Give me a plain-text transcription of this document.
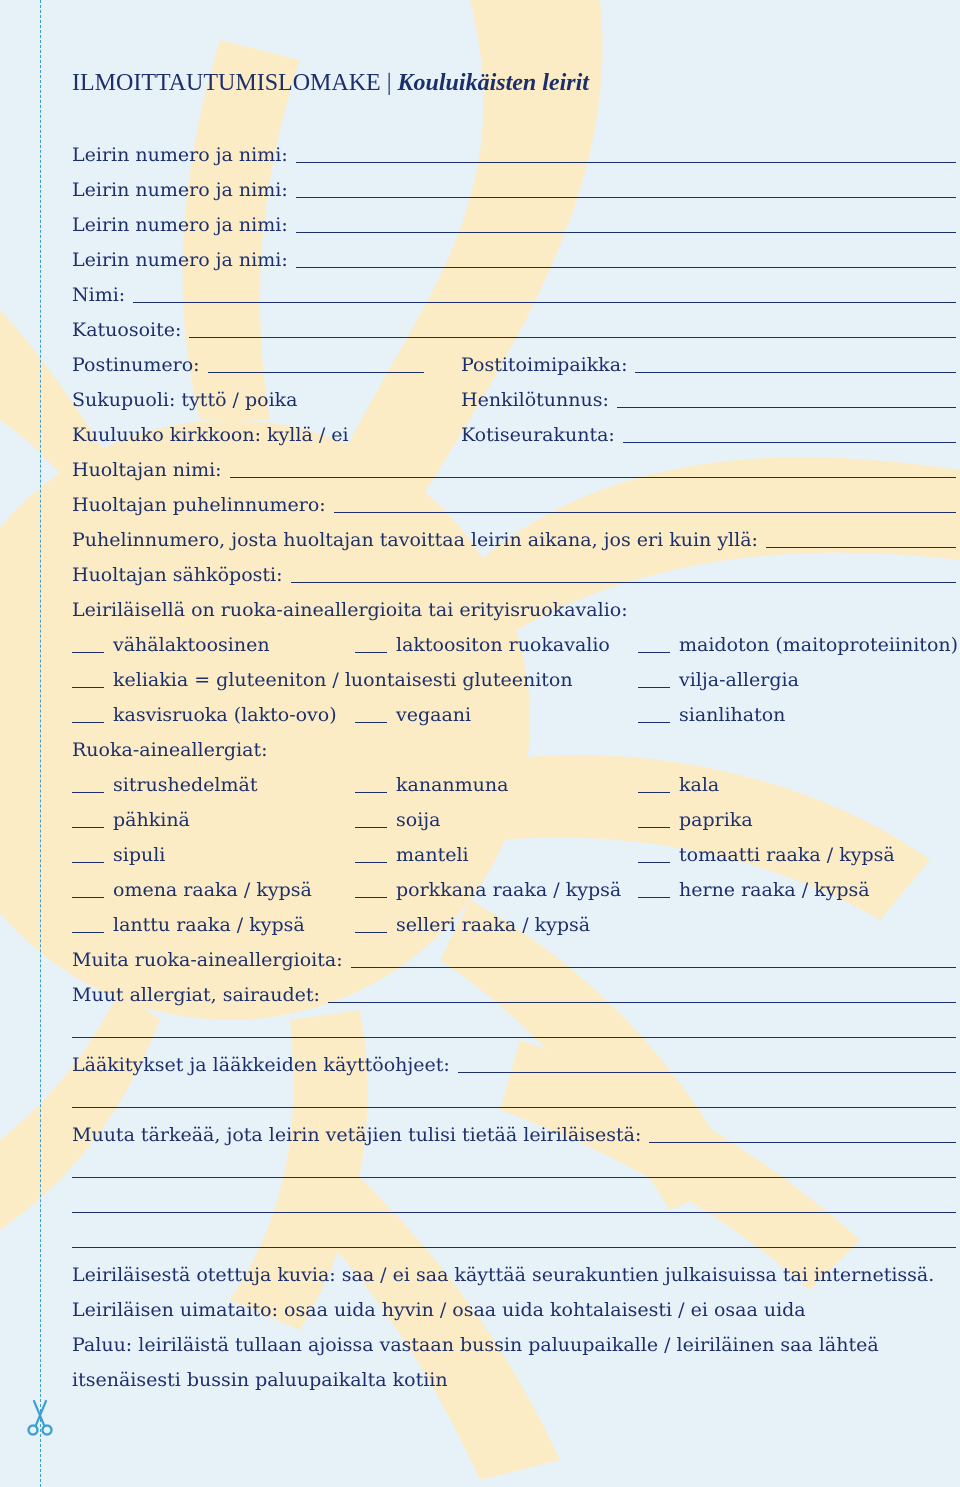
ILMOITTAUTUMISLOMAKE | Kouluikäisten leirit
Leirin numero ja nimi:
Leirin numero ja nimi:
Leirin numero ja nimi:
Leirin numero ja nimi:
Nimi:
Katuosoite:
Postinumero:	Postitoimipaikka:
Sukupuoli: tyttö / poika	Henkilötunnus:
Kuuluuko kirkkoon: kyllä / ei	Kotiseurakunta:
Huoltajan nimi:
Huoltajan puhelinnumero:
Puhelinnumero, josta huoltajan tavoittaa leirin aikana, jos eri kuin yllä:
Huoltajan sähköposti:
Leiriläisellä on ruoka-aineallergioita tai erityisruokavalio:
vähälaktoosinen	laktoositon ruokavalio	maidoton (maitoproteiiniton)
keliakia = gluteeniton / luontaisesti gluteeniton	vilja-allergia
kasvisruoka (lakto-ovo)	vegaani	sianlihaton
Ruoka-aineallergiat:
sitrushedelmät	kananmuna	kala
pähkinä	soija	paprika
sipuli	manteli	tomaatti raaka / kypsä
omena raaka / kypsä	porkkana raaka / kypsä	herne raaka / kypsä
lanttu raaka / kypsä	selleri raaka / kypsä
Muita ruoka-aineallergioita:
Muut allergiat, sairaudet:
Lääkitykset ja lääkkeiden käyttöohjeet:
Muuta tärkeää, jota leirin vetäjien tulisi tietää leiriläisestä:
Leiriläisestä otettuja kuvia: saa / ei saa käyttää seurakuntien julkaisuissa tai internetissä.
Leiriläisen uimataito: osaa uida hyvin / osaa uida kohtalaisesti / ei osaa uida
Paluu: leiriläistä tullaan ajoissa vastaan bussin paluupaikalle / leiriläinen saa lähteä itsenäisesti bussin paluupaikalta kotiin
